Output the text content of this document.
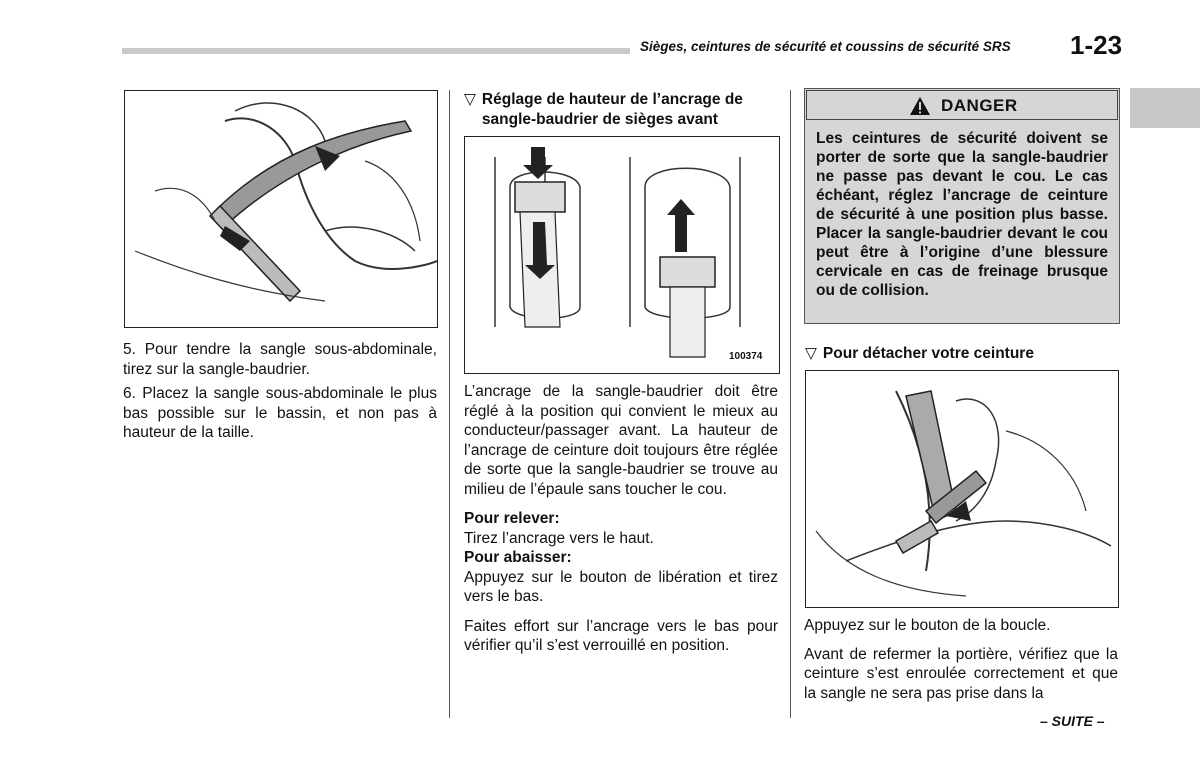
Sièges, ceintures de sécurité et coussins de sécurité SRS 1-23

5. Pour tendre la sangle sous-abdominale, tirez sur la sangle-baudrier.

6. Placez la sangle sous-abdominale le plus bas possible sur le bassin, et non pas à hauteur de la taille.

▽ Réglage de hauteur de l’ancrage de sangle-baudrier de sièges avant
100374

L’ancrage de la sangle-baudrier doit être réglé à la position qui convient le mieux au conducteur/passager avant. La hauteur de l’ancrage de ceinture doit toujours être réglée de sorte que la sangle-baudrier se trouve au milieu de l’épaule sans toucher le cou.

Pour relever:

Tirez l’ancrage vers le haut.

Pour abaisser:

Appuyez sur le bouton de libération et tirez vers le bas.

Faites effort sur l’ancrage vers le bas pour vérifier qu’il s’est verrouillé en position.

DANGER
Les ceintures de sécurité doivent se porter de sorte que la sangle-baudrier ne passe pas devant le cou. Le cas échéant, réglez l’ancrage de ceinture de sécurité à une position plus basse. Placer la sangle-baudrier devant le cou peut être à l’origine d’une blessure cervicale en cas de freinage brusque ou de collision.
▽ Pour détacher votre ceinture

Appuyez sur le bouton de la boucle.

Avant de refermer la portière, vérifiez que la ceinture s’est enroulée correctement et que la sangle ne sera pas prise dans la

– SUITE –
